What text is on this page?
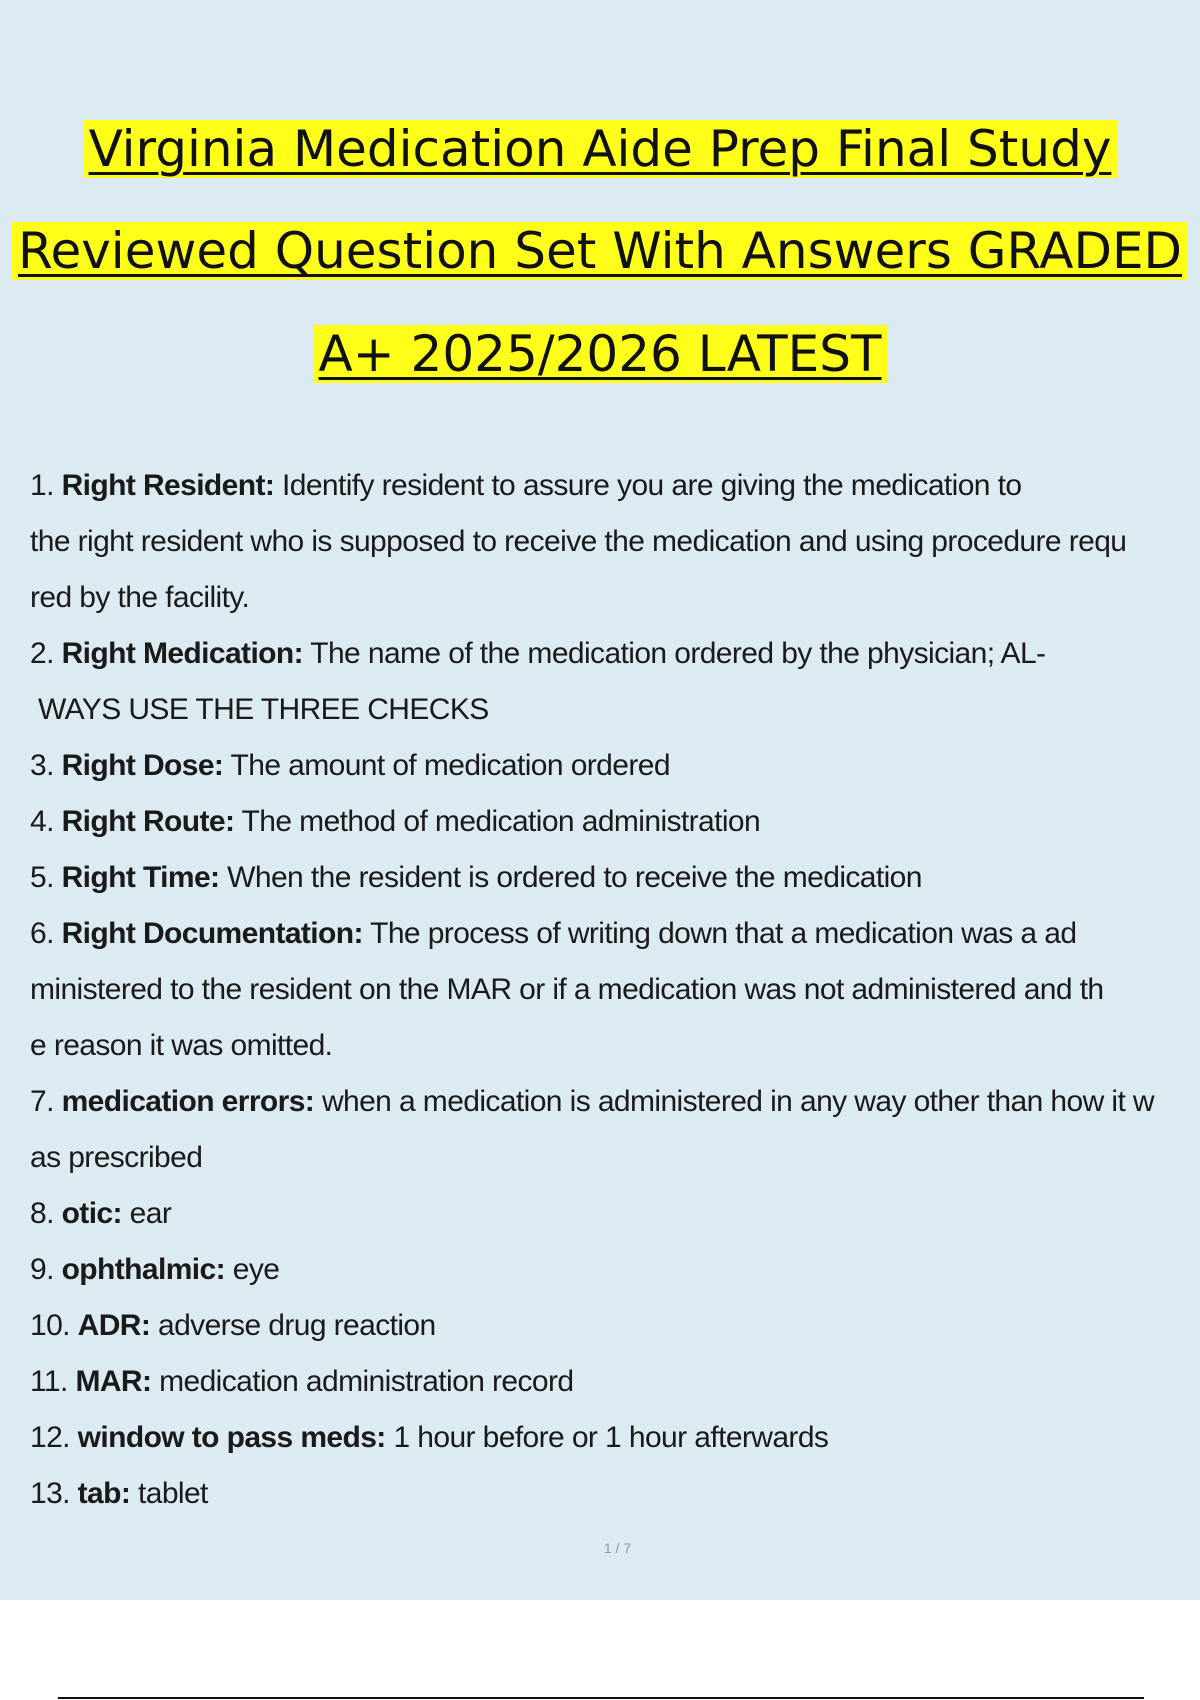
Virginia Medication Aide Prep Final Study
Reviewed Question Set With Answers GRADED
A+ 2025/2026 LATEST
1. Right Resident: Identify resident to assure you are giving the medication to
the right resident who is supposed to receive the medication and using procedure requ
red by the facility.
2. Right Medication: The name of the medication ordered by the physician; AL-
WAYS USE THE THREE CHECKS
3. Right Dose: The amount of medication ordered
4. Right Route: The method of medication administration
5. Right Time: When the resident is ordered to receive the medication
6. Right Documentation: The process of writing down that a medication was a ad
ministered to the resident on the MAR or if a medication was not administered and th
e reason it was omitted.
7. medication errors: when a medication is administered in any way other than how it w
as prescribed
8. otic: ear
9. ophthalmic: eye
10. ADR: adverse drug reaction
11. MAR: medication administration record
12. window to pass meds: 1 hour before or 1 hour afterwards
13. tab: tablet
1 / 7
